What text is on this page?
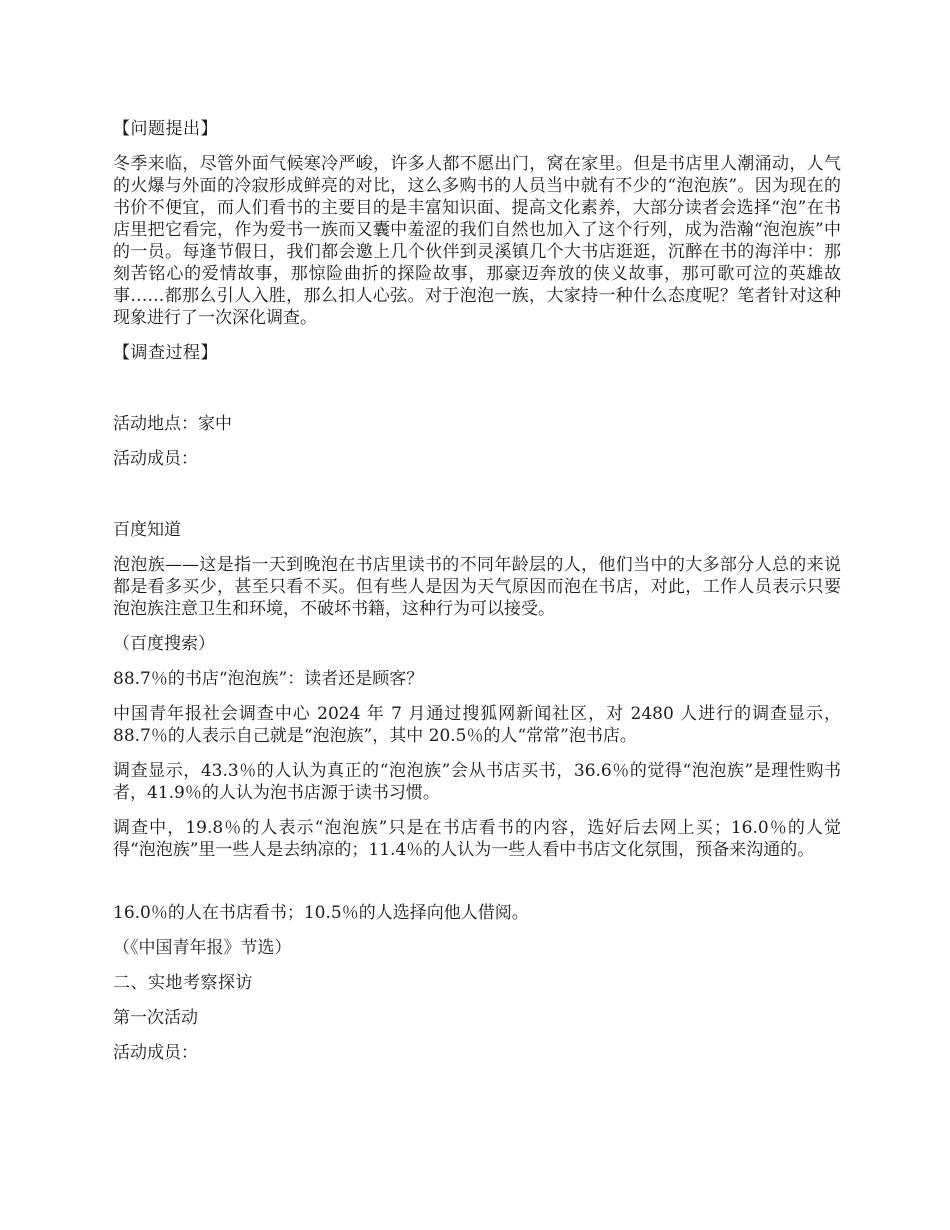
【问题提出】

冬季来临，尽管外面气候寒冷严峻，许多人都不愿出门，窝在家里。但是书店里人潮涌动，人气的火爆与外面的冷寂形成鲜亮的对比，这么多购书的人员当中就有不少的“泡泡族”。因为现在的书价不便宜，而人们看书的主要目的是丰富知识面、提高文化素养，大部分读者会选择“泡”在书店里把它看完，作为爱书一族而又囊中羞涩的我们自然也加入了这个行列，成为浩瀚“泡泡族”中的一员。每逢节假日，我们都会邀上几个伙伴到灵溪镇几个大书店逛逛，沉醉在书的海洋中：那刻苦铭心的爱情故事，那惊险曲折的探险故事，那豪迈奔放的侠义故事，那可歌可泣的英雄故事……都那么引人入胜，那么扣人心弦。对于泡泡一族，大家持一种什么态度呢？笔者针对这种现象进行了一次深化调查。

【调查过程】

活动地点：家中

活动成员：

百度知道

泡泡族——这是指一天到晚泡在书店里读书的不同年龄层的人，他们当中的大多部分人总的来说都是看多买少，甚至只看不买。但有些人是因为天气原因而泡在书店，对此，工作人员表示只要泡泡族注意卫生和环境，不破坏书籍，这种行为可以接受。

（百度搜索）

88.7％的书店“泡泡族”：读者还是顾客？

中国青年报社会调查中心 2024 年 7 月通过搜狐网新闻社区，对 2480 人进行的调查显示，88.7％的人表示自己就是“泡泡族”，其中 20.5％的人“常常”泡书店。

调查显示，43.3％的人认为真正的“泡泡族”会从书店买书，36.6％的觉得“泡泡族”是理性购书者，41.9％的人认为泡书店源于读书习惯。

调查中，19.8％的人表示“泡泡族”只是在书店看书的内容，选好后去网上买；16.0％的人觉得“泡泡族”里一些人是去纳凉的；11.4％的人认为一些人看中书店文化氛围，预备来沟通的。

16.0％的人在书店看书；10.5％的人选择向他人借阅。

（《中国青年报》节选）

二、实地考察探访

第一次活动

活动成员：
